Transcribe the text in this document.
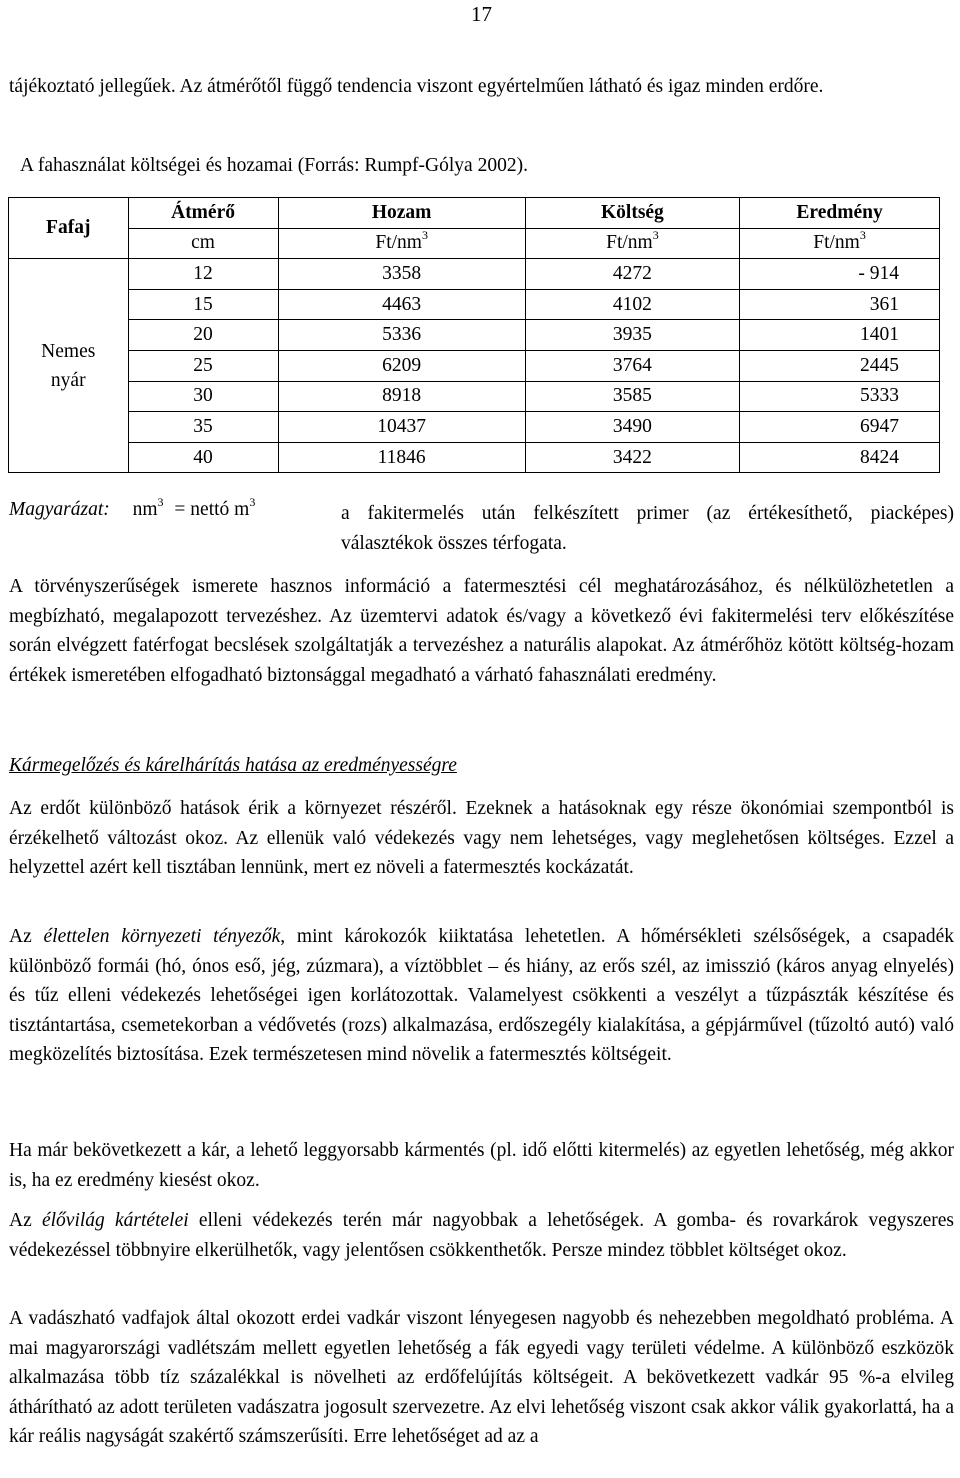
17

tájékoztató jellegűek. Az átmérőtől függő tendencia viszont egyértelműen látható és igaz minden erdőre.

A fahasználat költségei és hozamai (Forrás: Rumpf-Gólya 2002).
Fafaj	Átmérő	Hozam	Költség	Eredmény
	cm	$Ft/nm^3$	$Ft/nm^3$	$Ft/nm^3$
Nemes nyár	12	3358	4272	- 914
	15	4463	4102	361
	20	5336	3935	1401
	25	6209	3764	2445
	30	8918	3585	5333
	35	10437	3490	6947
	40	11846	3422	8424
Magyarázat: $nm^3$ = nettó $m^3$
a fakitermelés után felkészített primer (az értékesíthető, piacképes) választékok összes térfogata.

A törvényszerűségek ismerete hasznos információ a fatermesztési cél meghatározásához, és nélkülözhetetlen a megbízható, megalapozott tervezéshez. Az üzemtervi adatok és/vagy a következő évi fakitermelési terv előkészítése során elvégzett fatérfogat becslések szolgáltatják a tervezéshez a naturális alapokat. Az átmérőhöz kötött költség-hozam értékek ismeretében elfogadható biztonsággal megadható a várható fahasználati eredmény.

Kármegelőzés és kárelhárítás hatása az eredményességre

Az erdőt különböző hatások érik a környezet részéről. Ezeknek a hatásoknak egy része ökonómiai szempontból is érzékelhető változást okoz. Az ellenük való védekezés vagy nem lehetséges, vagy meglehetősen költséges. Ezzel a helyzettel azért kell tisztában lennünk, mert ez növeli a fatermesztés kockázatát.

Az élettelen környezeti tényezők, mint károkozók kiiktatása lehetetlen. A hőmérsékleti szélsőségek, a csapadék különböző formái (hó, ónos eső, jég, zúzmara), a víztöbblet – és hiány, az erős szél, az imisszió (káros anyag elnyelés) és tűz elleni védekezés lehetőségei igen korlátozottak. Valamelyest csökkenti a veszélyt a tűzpászták készítése és tisztántartása, csemetekorban a védővetés (rozs) alkalmazása, erdőszegély kialakítása, a gépjárművel (tűzoltó autó) való megközelítés biztosítása. Ezek természetesen mind növelik a fatermesztés költségeit.

Ha már bekövetkezett a kár, a lehető leggyorsabb kármentés (pl. idő előtti kitermelés) az egyetlen lehetőség, még akkor is, ha ez eredmény kiesést okoz.

Az élővilág kártételei elleni védekezés terén már nagyobbak a lehetőségek. A gomba- és rovarkárok vegyszeres védekezéssel többnyire elkerülhetők, vagy jelentősen csökkenthetők. Persze mindez többlet költséget okoz.

A vadászható vadfajok által okozott erdei vadkár viszont lényegesen nagyobb és nehezebben megoldható probléma. A mai magyarországi vadlétszám mellett egyetlen lehetőség a fák egyedi vagy területi védelme. A különböző eszközök alkalmazása több tíz százalékkal is növelheti az erdőfelújítás költségeit. A bekövetkezett vadkár 95 %-a elvileg áthárítható az adott területen vadászatra jogosult szervezetre. Az elvi lehetőség viszont csak akkor válik gyakorlattá, ha a kár reális nagyságát szakértő számszerűsíti. Erre lehetőséget ad az a
